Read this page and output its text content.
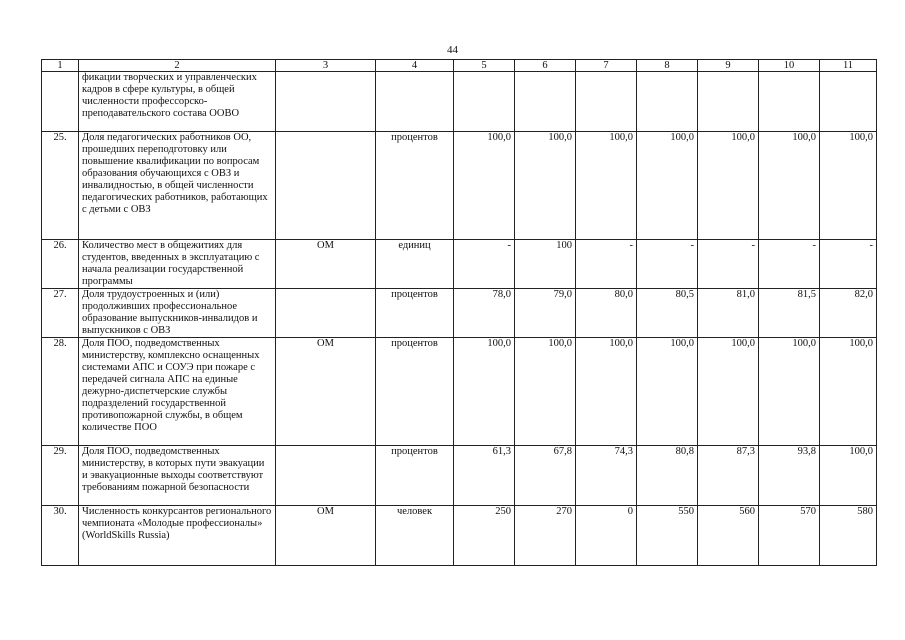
44
1	2	3	4	5	6	7	8	9	10	11
	фикации творческих и управленческих кадров в сфере культуры, в общей численности профессорско-преподавательского состава ООВО									
25.	Доля педагогических работников ОО, прошедших переподготовку или повышение квалификации по вопросам образования обучающихся с ОВЗ и инвалидностью, в общей численности педагогических работников, работающих с детьми с ОВЗ		процентов	100,0	100,0	100,0	100,0	100,0	100,0	100,0
26.	Количество мест в общежитиях для студентов, введенных в эксплуатацию с начала реализации государственной программы	ОМ	единиц	-	100	-	-	-	-	-
27.	Доля трудоустроенных и (или) продолживших профессиональное образование выпускников-инвалидов и выпускников с ОВЗ		процентов	78,0	79,0	80,0	80,5	81,0	81,5	82,0
28.	Доля ПОО, подведомственных министерству, комплексно оснащенных системами АПС и СОУЭ при пожаре с передачей сигнала АПС на единые дежурно-диспетчерские службы подразделений государственной противопожарной службы, в общем количестве ПОО	ОМ	процентов	100,0	100,0	100,0	100,0	100,0	100,0	100,0
29.	Доля ПОО, подведомственных министерству, в которых пути эвакуации и эвакуационные выходы соответствуют требованиям пожарной безопасности		процентов	61,3	67,8	74,3	80,8	87,3	93,8	100,0
30.	Численность конкурсантов регионального чемпионата «Молодые профессионалы» (WorldSkills Russia)	ОМ	человек	250	270	0	550	560	570	580
